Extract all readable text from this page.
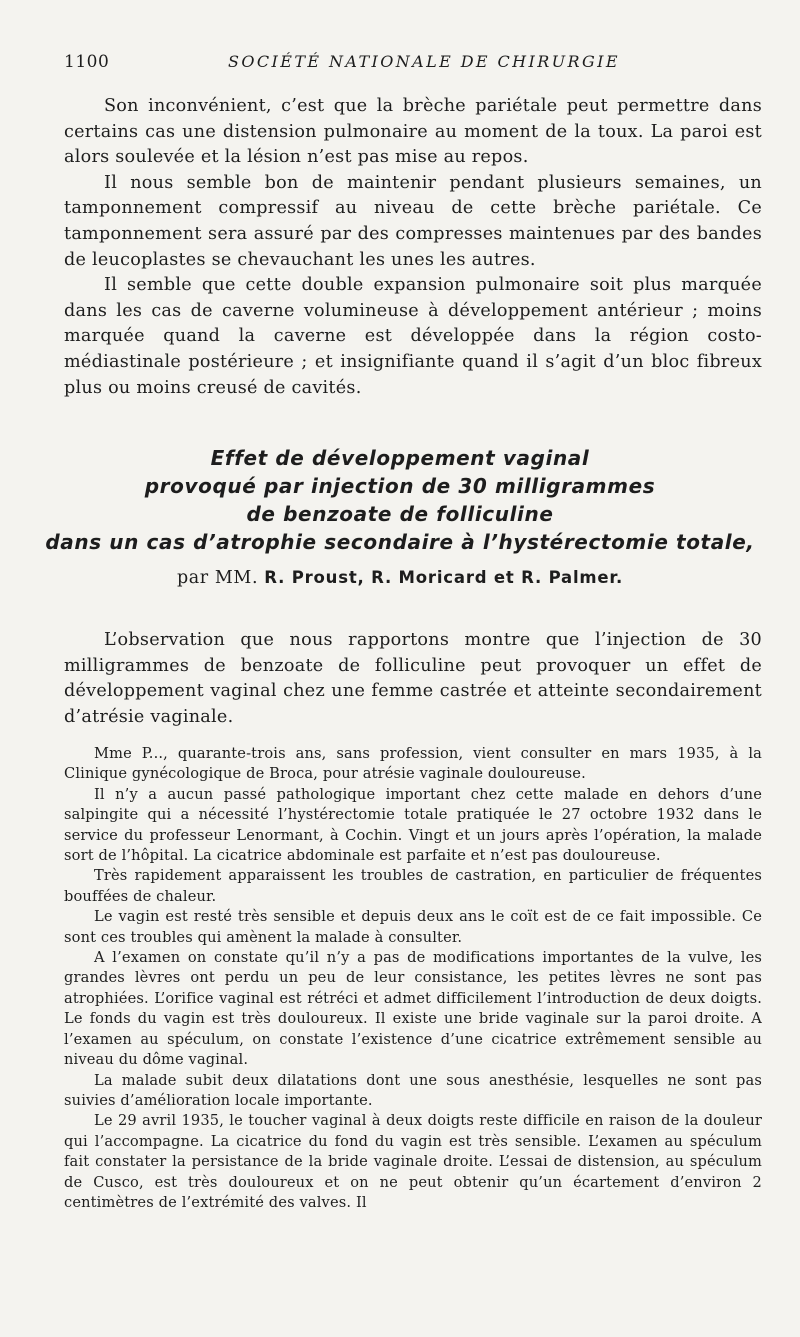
1100	SOCIÉTÉ NATIONALE DE CHIRURGIE

Son inconvénient, c’est que la brèche pariétale peut permettre dans certains cas une distension pulmonaire au moment de la toux. La paroi est alors soulevée et la lésion n’est pas mise au repos.

Il nous semble bon de maintenir pendant plusieurs semaines, un tamponnement compressif au niveau de cette brèche pariétale. Ce tamponnement sera assuré par des compresses maintenues par des bandes de leucoplastes se chevauchant les unes les autres.

Il semble que cette double expansion pulmonaire soit plus marquée dans les cas de caverne volumineuse à développement antérieur ; moins marquée quand la caverne est développée dans la région costo-médiastinale postérieure ; et insignifiante quand il s’agit d’un bloc fibreux plus ou moins creusé de cavités.

Effet de développement vaginal
provoqué par injection de 30 milligrammes
de benzoate de folliculine
dans un cas d’atrophie secondaire à l’hystérectomie totale,
par MM. R. Proust, R. Moricard et R. Palmer.

L’observation que nous rapportons montre que l’injection de 30 milligrammes de benzoate de folliculine peut provoquer un effet de développement vaginal chez une femme castrée et atteinte secondairement d’atrésie vaginale.

Mme P..., quarante-trois ans, sans profession, vient consulter en mars 1935, à la Clinique gynécologique de Broca, pour atrésie vaginale douloureuse.

Il n’y a aucun passé pathologique important chez cette malade en dehors d’une salpingite qui a nécessité l’hystérectomie totale pratiquée le 27 octobre 1932 dans le service du professeur Lenormant, à Cochin. Vingt et un jours après l’opération, la malade sort de l’hôpital. La cicatrice abdominale est parfaite et n’est pas douloureuse.

Très rapidement apparaissent les troubles de castration, en particulier de fréquentes bouffées de chaleur.

Le vagin est resté très sensible et depuis deux ans le coït est de ce fait impossible. Ce sont ces troubles qui amènent la malade à consulter.

A l’examen on constate qu’il n’y a pas de modifications importantes de la vulve, les grandes lèvres ont perdu un peu de leur consistance, les petites lèvres ne sont pas atrophiées. L’orifice vaginal est rétréci et admet difficilement l’introduction de deux doigts. Le fonds du vagin est très douloureux. Il existe une bride vaginale sur la paroi droite. A l’examen au spéculum, on constate l’existence d’une cicatrice extrêmement sensible au niveau du dôme vaginal.

La malade subit deux dilatations dont une sous anesthésie, lesquelles ne sont pas suivies d’amélioration locale importante.

Le 29 avril 1935, le toucher vaginal à deux doigts reste difficile en raison de la douleur qui l’accompagne. La cicatrice du fond du vagin est très sensible. L’examen au spéculum fait constater la persistance de la bride vaginale droite. L’essai de distension, au spéculum de Cusco, est très douloureux et on ne peut obtenir qu’un écartement d’environ 2 centimètres de l’extrémité des valves. Il
